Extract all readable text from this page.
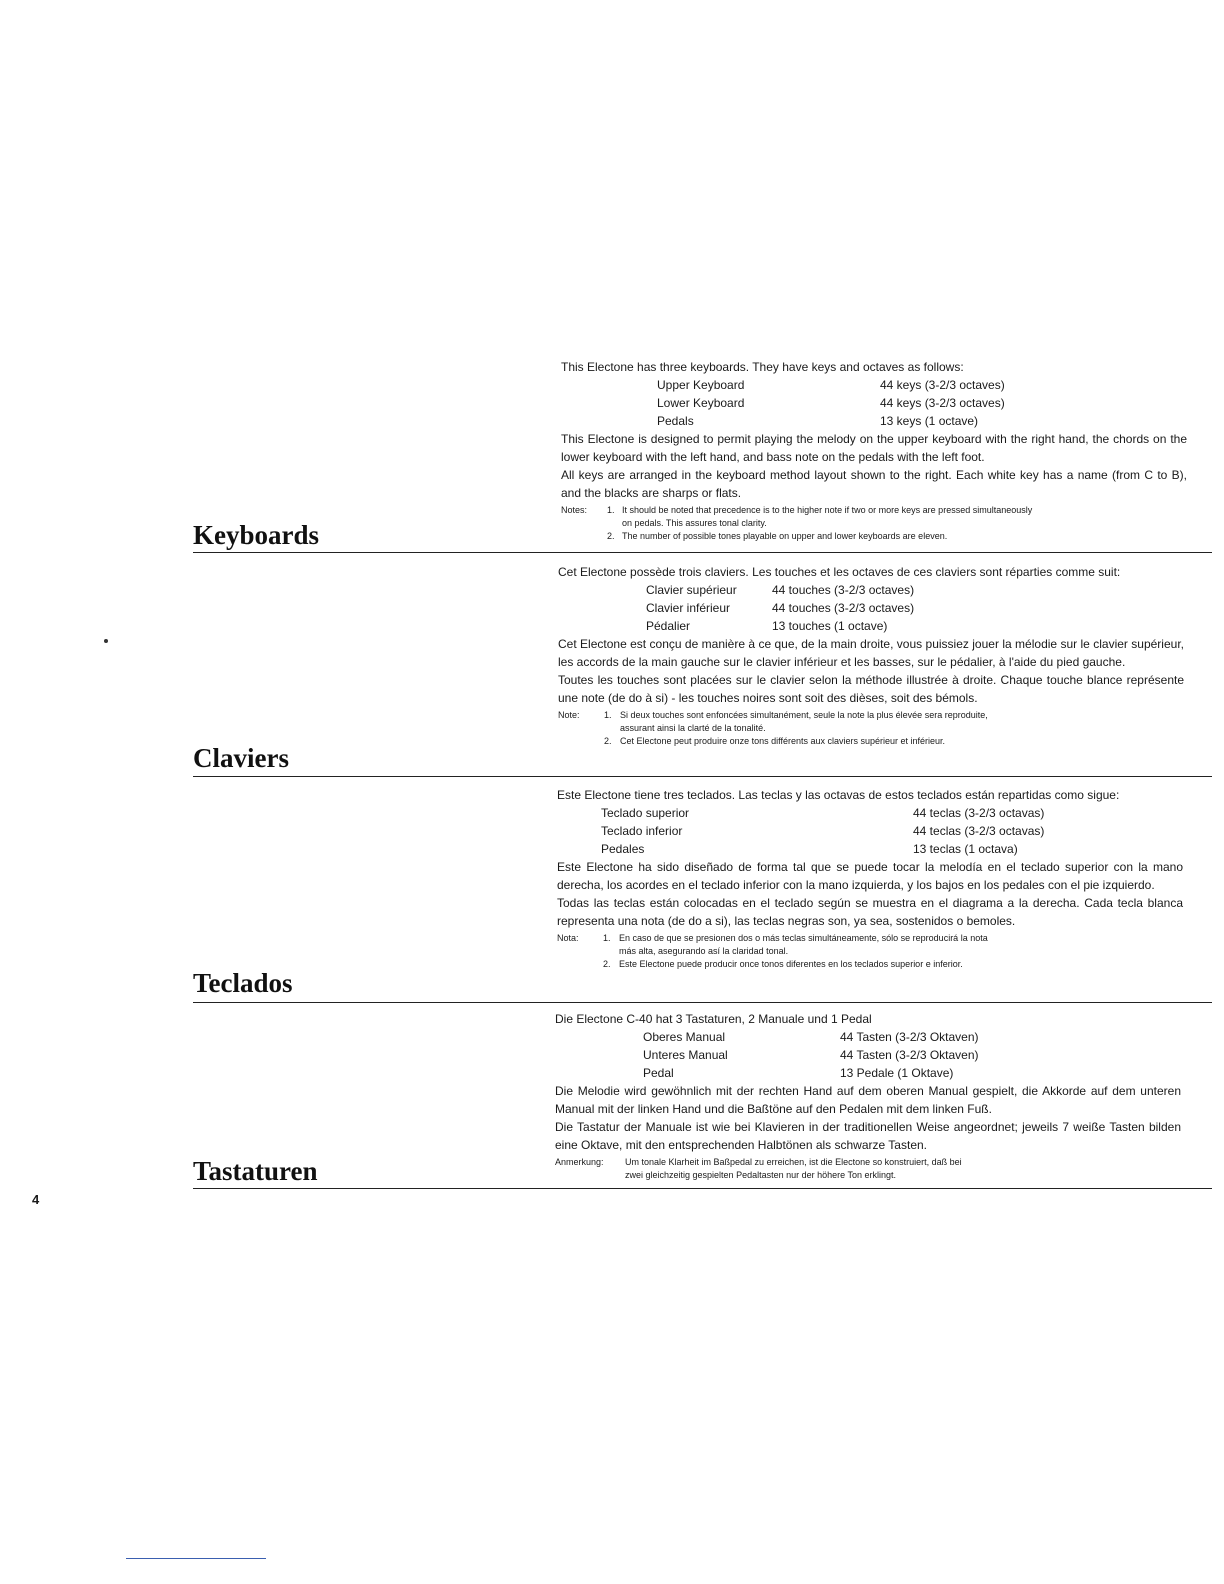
4

This Electone has three keyboards. They have keys and octaves as follows:

Upper Keyboard	44 keys (3-2/3 octaves)
Lower Keyboard	44 keys (3-2/3 octaves)
Pedals	13 keys (1 octave)

This Electone is designed to permit playing the melody on the upper keyboard with the right hand, the chords on the lower keyboard with the left hand, and bass note on the pedals with the left foot.

All keys are arranged in the keyboard method layout shown to the right. Each white key has a name (from C to B), and the blacks are sharps or flats.

Notes: 1. It should be noted that precedence is to the higher note if two or more keys are pressed simultaneously
on pedals. This assures tonal clarity.
2. The number of possible tones playable on upper and lower keyboards are eleven.
Keyboards

Cet Electone possède trois claviers. Les touches et les octaves de ces claviers sont réparties comme suit:

Clavier supérieur	44 touches (3-2/3 octaves)
Clavier inférieur	44 touches (3-2/3 octaves)
Pédalier	13 touches (1 octave)

Cet Electone est conçu de manière à ce que, de la main droite, vous puissiez jouer la mélodie sur le clavier supérieur, les accords de la main gauche sur le clavier inférieur et les basses, sur le pédalier, à l'aide du pied gauche.

Toutes les touches sont placées sur le clavier selon la méthode illustrée à droite. Chaque touche blance représente une note (de do à si) - les touches noires sont soit des dièses, soit des bémols.

Note:	1. Si deux touches sont enfoncées simultanément, seule la note la plus élevée sera reproduite,
assurant ainsi la clarté de la tonalité.
2. Cet Electone peut produire onze tons différents aux claviers supérieur et inférieur.
Claviers

Este Electone tiene tres teclados. Las teclas y las octavas de estos teclados están repartidas como sigue:

Teclado superior	44 teclas (3-2/3 octavas)
Teclado inferior	44 teclas (3-2/3 octavas)
Pedales	13 teclas (1 octava)

Este Electone ha sido diseñado de forma tal que se puede tocar la melodía en el teclado superior con la mano derecha, los acordes en el teclado inferior con la mano izquierda, y los bajos en los pedales con el pie izquierdo.

Todas las teclas están colocadas en el teclado según se muestra en el diagrama a la derecha. Cada tecla blanca representa una nota (de do a si), las teclas negras son, ya sea, sostenidos o bemoles.

Nota:	1. En caso de que se presionen dos o más teclas simultáneamente, sólo se reproducirá la nota
más alta, asegurando así la claridad tonal.
2. Este Electone puede producir once tonos diferentes en los teclados superior e inferior.
Teclados

Die Electone C-40 hat 3 Tastaturen, 2 Manuale und 1 Pedal

Oberes Manual	44 Tasten (3-2/3 Oktaven)
Unteres Manual	44 Tasten (3-2/3 Oktaven)
Pedal	13 Pedale (1 Oktave)

Die Melodie wird gewöhnlich mit der rechten Hand auf dem oberen Manual gespielt, die Akkorde auf dem unteren Manual mit der linken Hand und die Baßtöne auf den Pedalen mit dem linken Fuß.

Die Tastatur der Manuale ist wie bei Klavieren in der traditionellen Weise angeordnet; jeweils 7 weiße Tasten bilden eine Oktave, mit den entsprechenden Halbtönen als schwarze Tasten.

Anmerkung: Um tonale Klarheit im Baßpedal zu erreichen, ist die Electone so konstruiert, daß bei
zwei gleichzeitig gespielten Pedaltasten nur der höhere Ton erklingt.
Tastaturen
